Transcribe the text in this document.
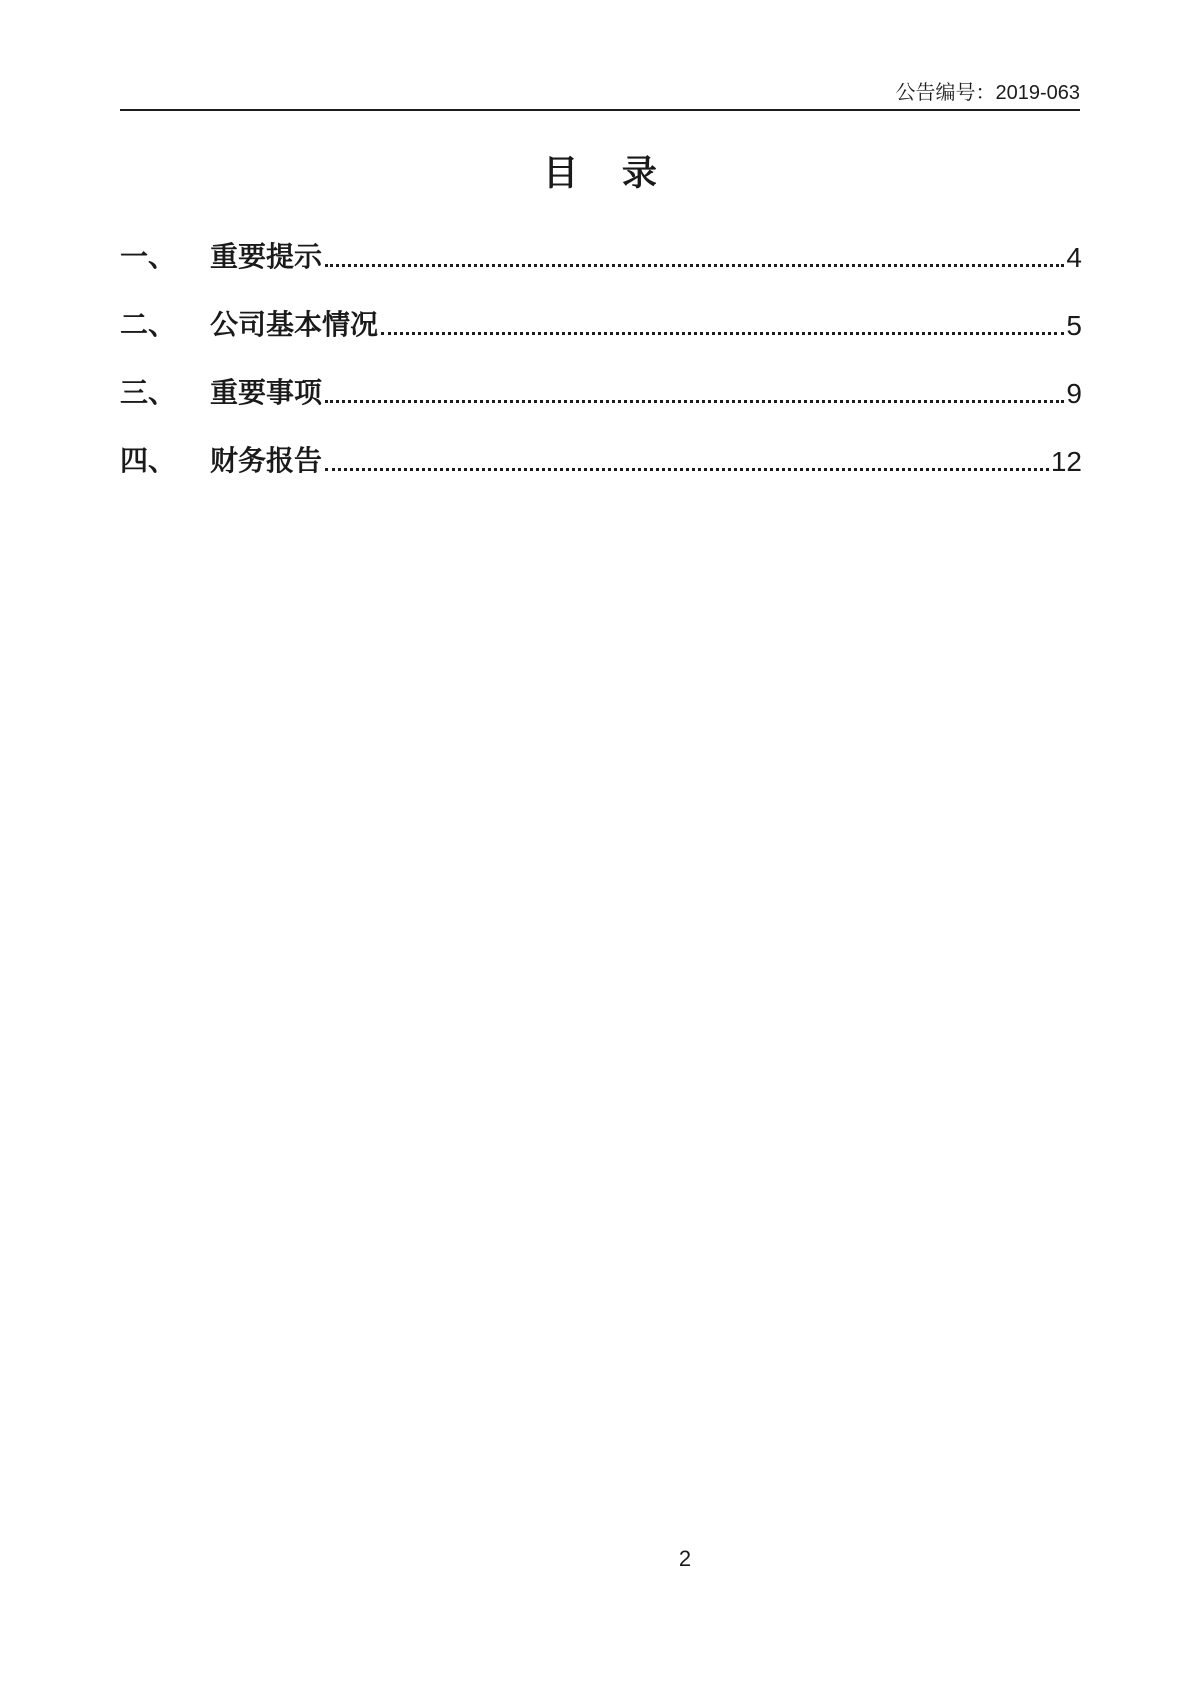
公告编号：2019-063
目 录
一、	重要提示	4
二、	公司基本情况	5
三、	重要事项	9
四、	财务报告	12
2
